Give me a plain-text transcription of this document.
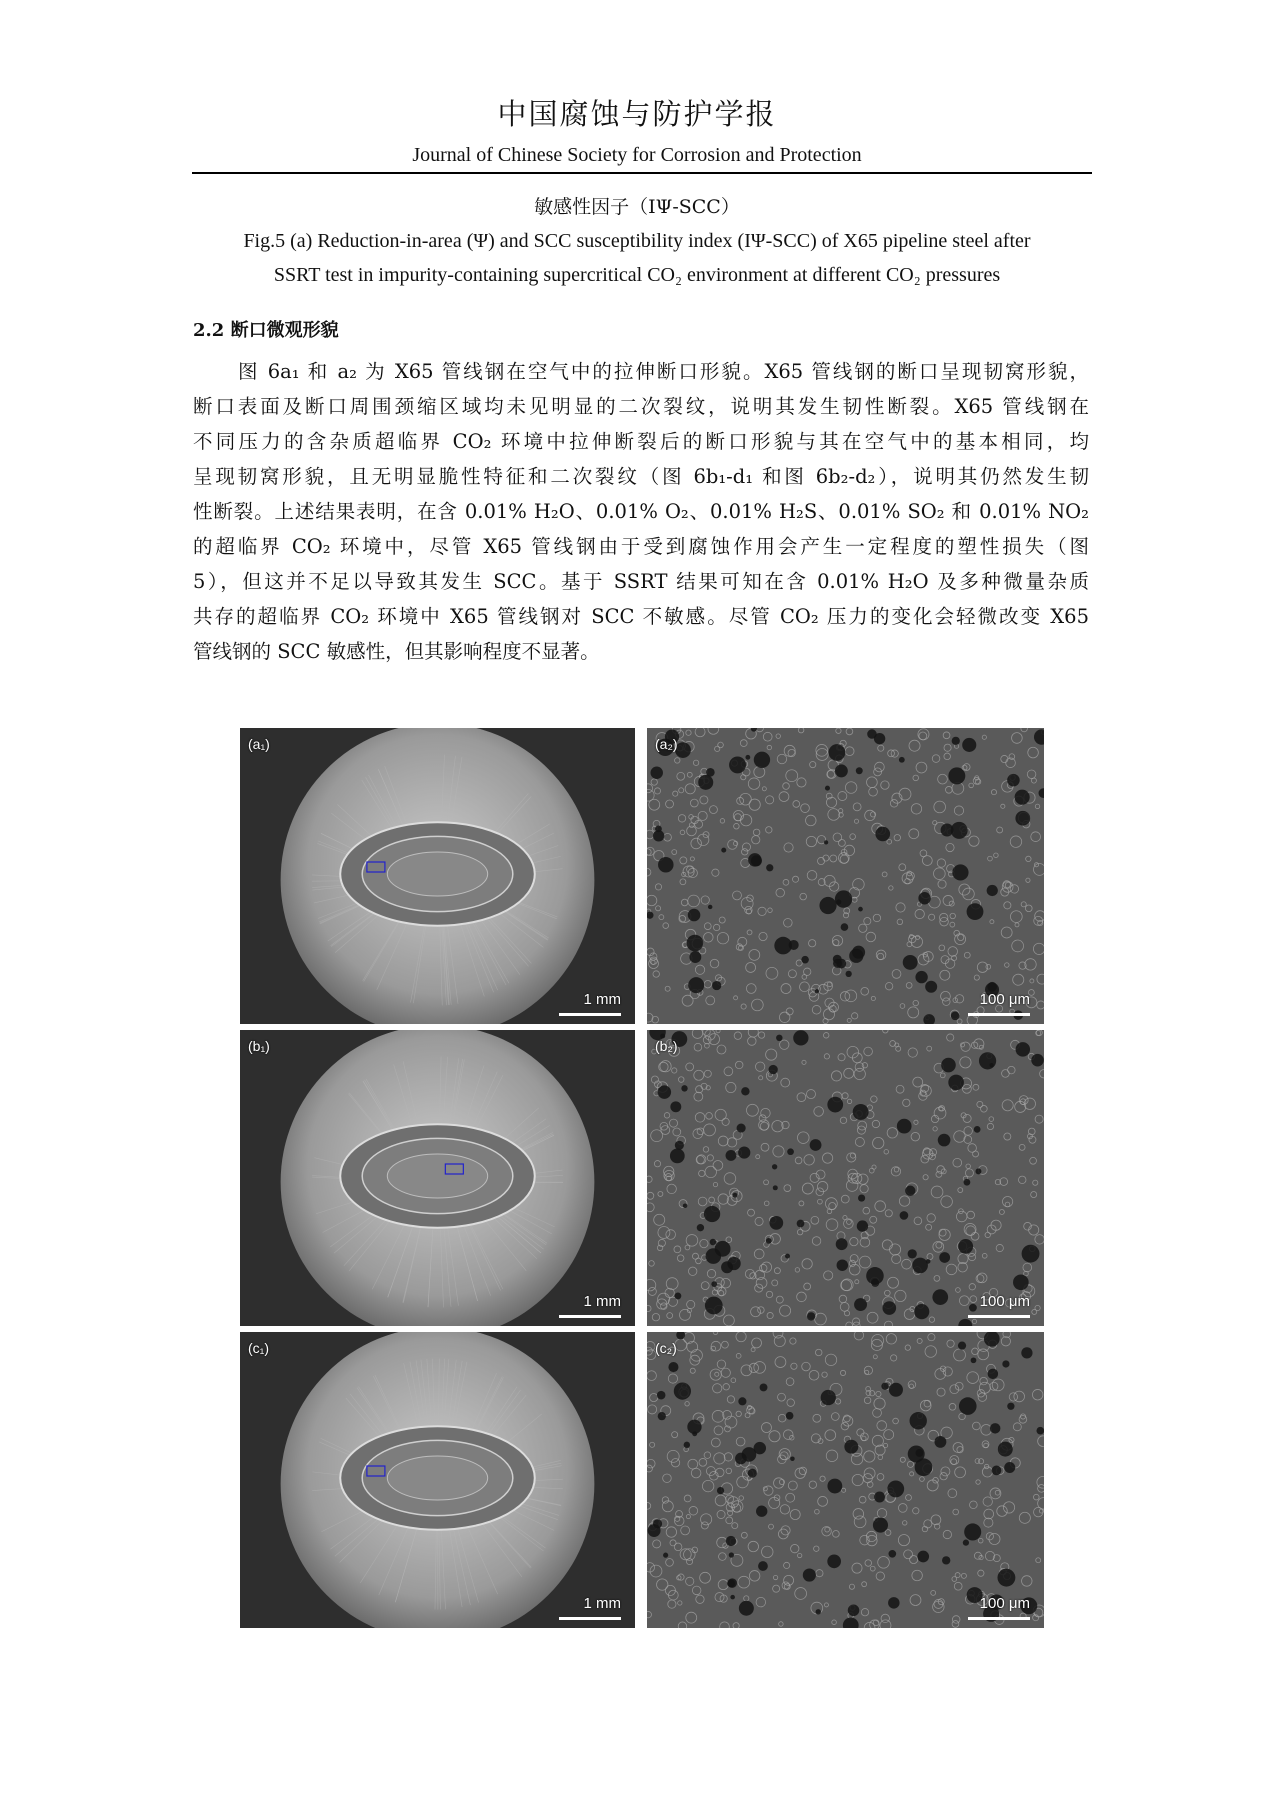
中国腐蚀与防护学报
Journal of Chinese Society for Corrosion and Protection
敏感性因子（IΨ-SCC）
Fig.5 (a) Reduction-in-area (Ψ) and SCC susceptibility index (IΨ-SCC) of X65 pipeline steel after
SSRT test in impurity-containing supercritical CO₂ environment at different CO₂ pressures
2.2 断口微观形貌
图 6a₁ 和 a₂ 为 X65 管线钢在空气中的拉伸断口形貌。X65 管线钢的断口呈现韧窝形貌，
断口表面及断口周围颈缩区域均未见明显的二次裂纹，说明其发生韧性断裂。X65 管线钢在
不同压力的含杂质超临界 CO₂ 环境中拉伸断裂后的断口形貌与其在空气中的基本相同，均
呈现韧窝形貌，且无明显脆性特征和二次裂纹（图 6b₁-d₁ 和图 6b₂-d₂），说明其仍然发生韧
性断裂。上述结果表明，在含 0.01% H₂O、0.01% O₂、0.01% H₂S、0.01% SO₂ 和 0.01% NO₂
的超临界 CO₂ 环境中，尽管 X65 管线钢由于受到腐蚀作用会产生一定程度的塑性损失（图
5），但这并不足以导致其发生 SCC。基于 SSRT 结果可知在含 0.01% H₂O 及多种微量杂质
共存的超临界 CO₂ 环境中 X65 管线钢对 SCC 不敏感。尽管 CO₂ 压力的变化会轻微改变 X65
管线钢的 SCC 敏感性，但其影响程度不显著。
(a₁)
1 mm
(a₂)
100 μm
(b₁)
1 mm
(b₂)
100 μm
(c₁)
1 mm
(c₂)
100 μm
